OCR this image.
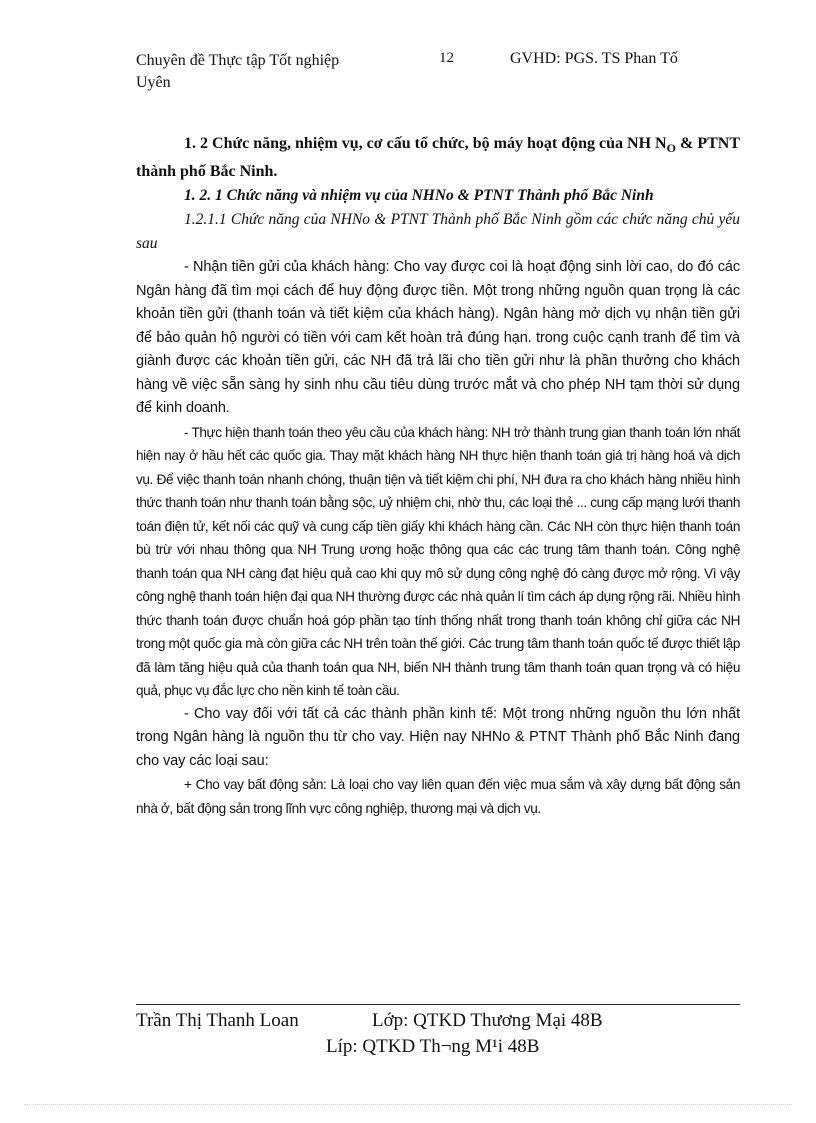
Chuyên đề Thực tập Tốt nghiệp
Uyên
12	GVHD: PGS. TS Phan Tố

1. 2 Chức năng, nhiệm vụ, cơ cấu tổ chức, bộ máy hoạt động của NH $N_O$ & PTNT thành phố Bắc Ninh.

1. 2. 1 Chức năng và nhiệm vụ của NHNo & PTNT Thành phố Bắc Ninh

1.2.1.1 Chức năng của NHNo & PTNT Thành phố Bắc Ninh gồm các chức năng chủ yếu sau

- Nhận tiền gửi của khách hàng: Cho vay được coi là hoạt động sinh lời cao, do đó các Ngân hàng đã tìm mọi cách để huy động được tiền. Một trong những nguồn quan trọng là các khoản tiền gửi (thanh toán và tiết kiệm của khách hàng). Ngân hàng mở dịch vụ nhận tiền gửi để bảo quản hộ người có tiền với cam kết hoàn trả đúng hạn. trong cuộc cạnh tranh để tìm và giành được các khoản tiền gửi, các NH đã trả lãi cho tiền gửi như là phần thưởng cho khách hàng về việc sẵn sàng hy sinh nhu cầu tiêu dùng trước mắt và cho phép NH tạm thời sử dụng để kinh doanh.

- Thực hiện thanh toán theo yêu cầu của khách hàng: NH trở thành trung gian thanh toán lớn nhất hiện nay ở hầu hết các quốc gia. Thay mặt khách hàng NH thực hiện thanh toán giá trị hàng hoá và dịch vụ. Để việc thanh toán nhanh chóng, thuận tiện và tiết kiệm chi phí, NH đưa ra cho khách hàng nhiều hình thức thanh toán như thanh toán bằng sộc, uỷ nhiệm chi, nhờ thu, các loại thẻ ... cung cấp mạng lưới thanh toán điện tử, kết nối các quỹ và cung cấp tiền giấy khi khách hàng cần. Các NH còn thực hiện thanh toán bù trừ với nhau thông qua NH Trung ương hoặc thông qua các các trung tâm thanh toán. Công nghệ thanh toán qua NH càng đạt hiệu quả cao khi quy mô sử dụng công nghệ đó càng được mở rộng. Vì vậy công nghệ thanh toán hiện đại qua NH thường được các nhà quản lí tìm cách áp dụng rộng rãi. Nhiều hình thức thanh toán được chuẩn hoá góp phần tạo tính thống nhất trong thanh toán không chỉ giữa các NH trong một quốc gia mà còn giữa các NH trên toàn thế giới. Các trung tâm thanh toán quốc tế được thiết lập đã làm tăng hiệu quả của thanh toán qua NH, biến NH thành trung tâm thanh toán quan trọng và có hiệu quả, phục vụ đắc lực cho nền kinh tế toàn cầu.

- Cho vay đối với tất cả các thành phần kinh tế: Một trong những nguồn thu lớn nhất trong Ngân hàng là nguồn thu từ cho vay. Hiện nay NHNo & PTNT Thành phố Bắc Ninh đang cho vay các loại sau:

+ Cho vay bất động sản: Là loại cho vay liên quan đến việc mua sắm và xây dựng bất động sản nhà ở, bất động sản trong lĩnh vực công nghiệp, thương mại và dịch vụ.

Trần Thị Thanh Loan	Lớp: QTKD Thương Mại 48B
Líp: QTKD Th¬ng M¹i 48B
